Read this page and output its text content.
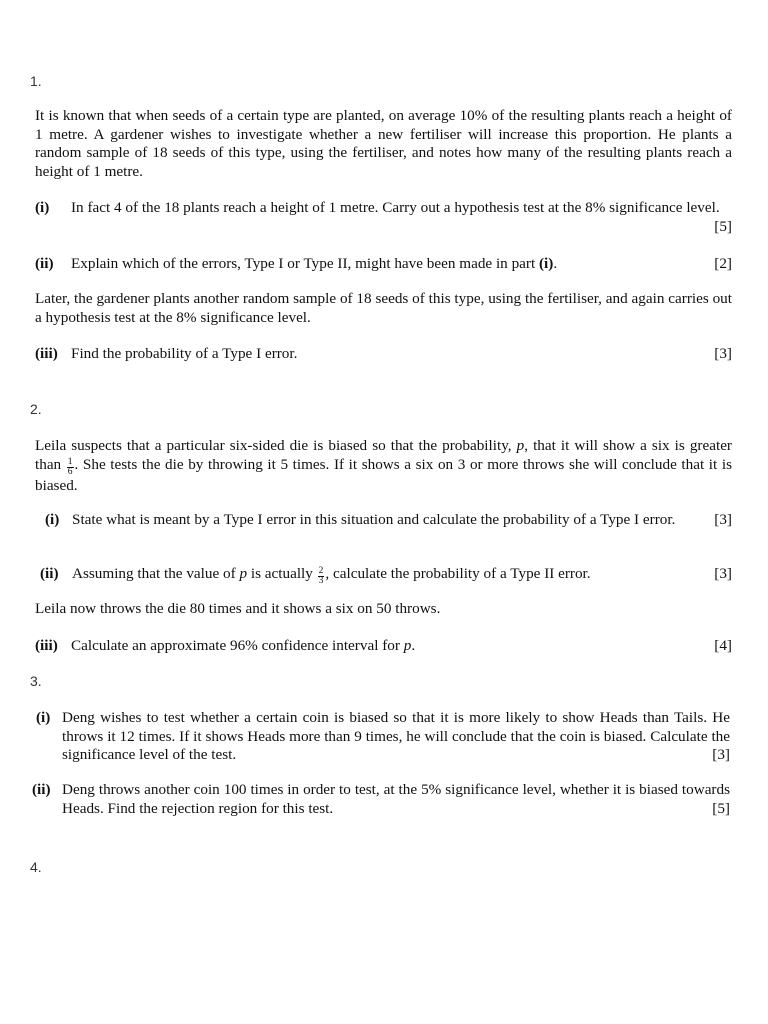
1.
It is known that when seeds of a certain type are planted, on average 10% of the resulting plants reach a height of 1 metre. A gardener wishes to investigate whether a new fertiliser will increase this proportion. He plants a random sample of 18 seeds of this type, using the fertiliser, and notes how many of the resulting plants reach a height of 1 metre.
(i) In fact 4 of the 18 plants reach a height of 1 metre. Carry out a hypothesis test at the 8% significance level.
[5]
(ii)	[2]
Explain which of the errors, Type I or Type II, might have been made in part (i).
Later, the gardener plants another random sample of 18 seeds of this type, using the fertiliser, and again carries out a hypothesis test at the 8% significance level.
(iii)	[3]
Find the probability of a Type I error.
2.
Leila suspects that a particular six-sided die is biased so that the probability, p, that it will show a six is greater than $\frac{1}{6}$ . She tests the die by throwing it 5 times. If it shows a six on 3 or more throws she will conclude that it is biased.
(i) State what is meant by a Type I error in this situation and calculate the probability of a Type I error.	[3]
(ii)	[3]
Assuming that the value of p is actually $\frac{2}{3}$ , calculate the probability of a Type II error.
Leila now throws the die 80 times and it shows a six on 50 throws.
(iii)	[4]
Calculate an approximate 96% confidence interval for p.
3.
(i) Deng wishes to test whether a certain coin is biased so that it is more likely to show Heads than Tails. He throws it 12 times. If it shows Heads more than 9 times, he will conclude that the coin is biased. Calculate the significance level of the test.	[3]
(ii) Deng throws another coin 100 times in order to test, at the 5% significance level, whether it is biased towards Heads. Find the rejection region for this test.	[5]
4.
